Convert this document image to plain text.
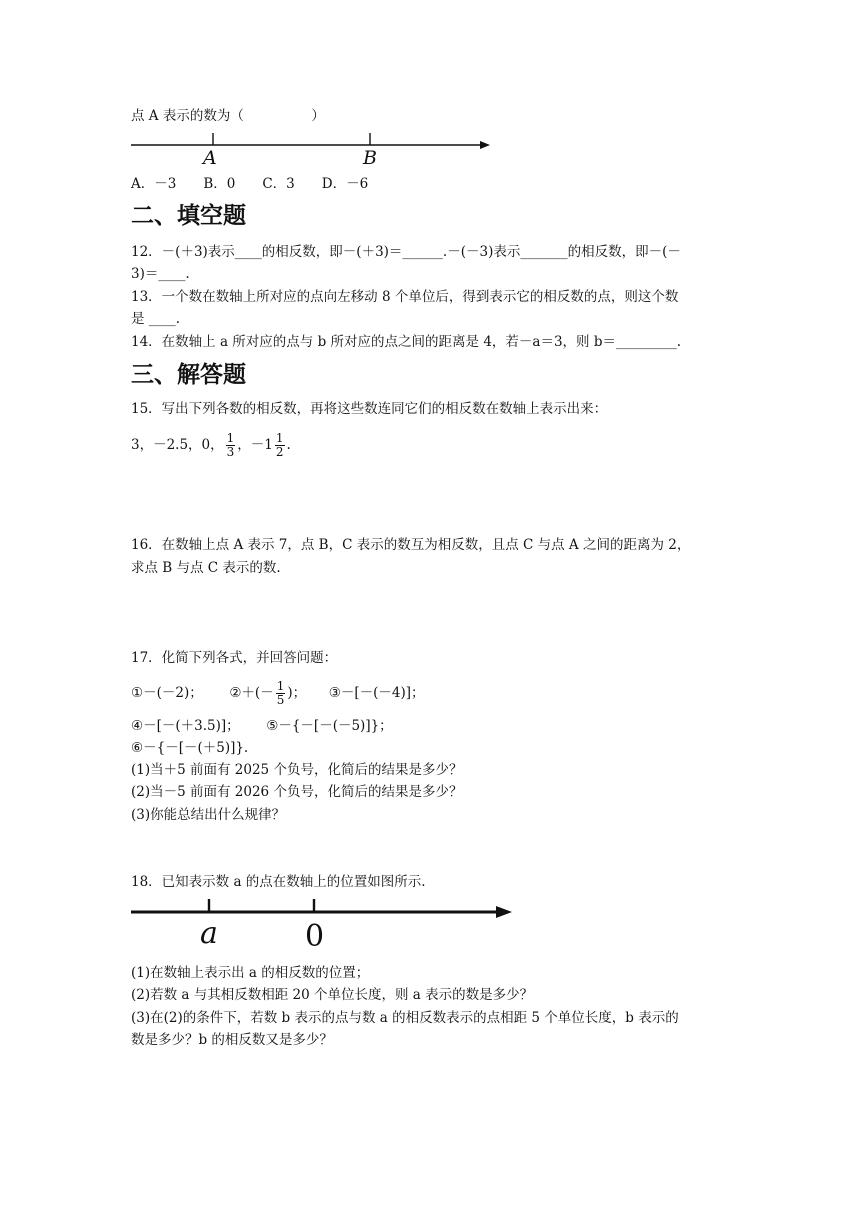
点 A 表示的数为（　　　　　）
A	B
A．－3　　B．0　　C．3　　D．－6
二、填空题
12．－(＋3)表示____的相反数，即－(＋3)＝______.－(－3)表示_______的相反数，即－(－
3)＝____.
13．一个数在数轴上所对应的点向左移动 8 个单位后，得到表示它的相反数的点，则这个数
是 ____.
14．在数轴上 a 所对应的点与 b 所对应的点之间的距离是 4，若－a＝3，则 b＝_________.
三、解答题
15．写出下列各数的相反数，再将这些数连同它们的相反数在数轴上表示出来：
3，－2.5，0， $\frac{1}{3}$ ，$-1 \frac{1}{2}$ .
16．在数轴上点 A 表示 7，点 B，C 表示的数互为相反数，且点 C 与点 A 之间的距离为 2，
求点 B 与点 C 表示的数.
17．化简下列各式，并回答问题：
①－(－2)； ②＋(－ $\frac{1}{5}$ )； ③－[－(－4)]；
④－[－(＋3.5)]； ⑤－{－[－(－5)]}；
⑥－{－[－(＋5)]}.
(1)当＋5 前面有 2025 个负号，化简后的结果是多少？
(2)当－5 前面有 2026 个负号，化简后的结果是多少？
(3)你能总结出什么规律？
18．已知表示数 a 的点在数轴上的位置如图所示.
a	0
(1)在数轴上表示出 a 的相反数的位置；
(2)若数 a 与其相反数相距 20 个单位长度，则 a 表示的数是多少？
(3)在(2)的条件下，若数 b 表示的点与数 a 的相反数表示的点相距 5 个单位长度，b 表示的
数是多少？b 的相反数又是多少？
